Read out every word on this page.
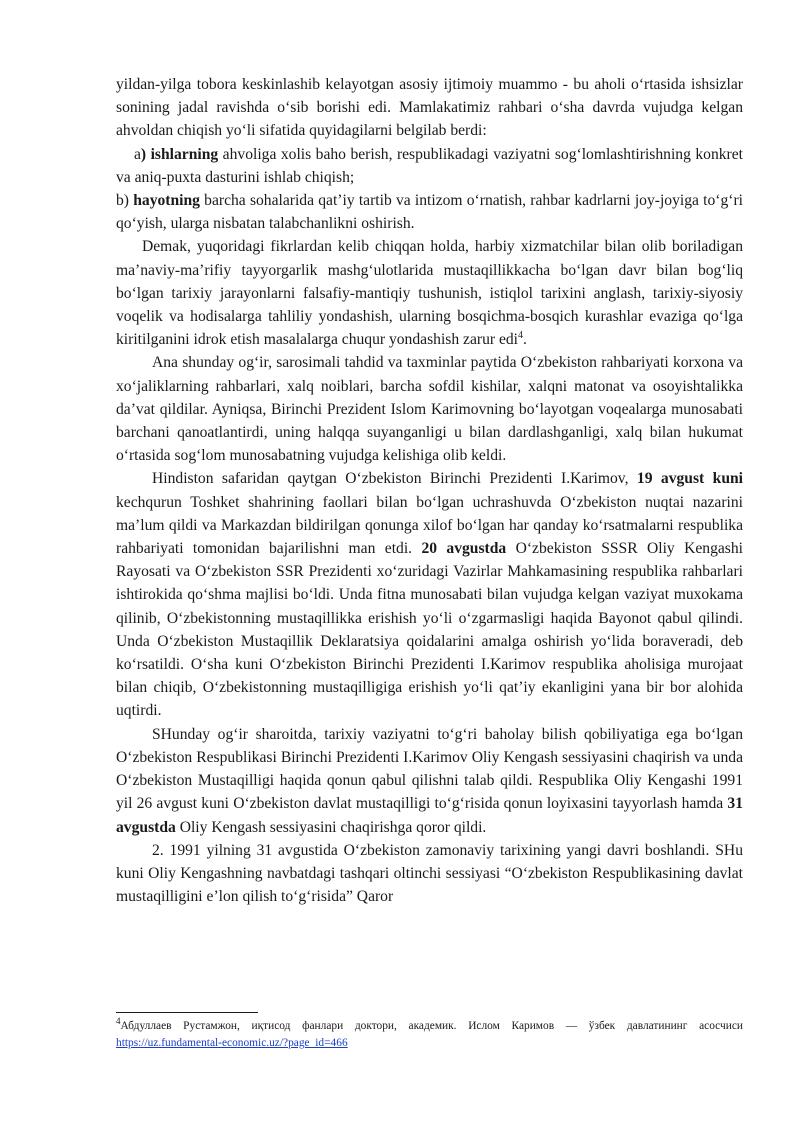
yildan-yilga tobora keskinlashib kelayotgan asosiy ijtimoiy muammo - bu aholi o‘rtasida ishsizlar sonining jadal ravishda o‘sib borishi edi. Mamlakatimiz rahbari o‘sha davrda vujudga kelgan ahvoldan chiqish yo‘li sifatida quyidagilarni belgilab berdi:

a) ishlarning ahvoliga xolis baho berish, respublikadagi vaziyatni sog‘lomlashtirishning konkret va aniq-puxta dasturini ishlab chiqish;

b) hayotning barcha sohalarida qat’iy tartib va intizom o‘rnatish, rahbar kadrlarni joy-joyiga to‘g‘ri qo‘yish, ularga nisbatan talabchanlikni oshirish.

Demak, yuqoridagi fikrlardan kelib chiqqan holda, harbiy xizmatchilar bilan olib boriladigan ma’naviy-ma’rifiy tayyorgarlik mashg‘ulotlarida mustaqillikkacha bo‘lgan davr bilan bog‘liq bo‘lgan tarixiy jarayonlarni falsafiy-mantiqiy tushunish, istiqlol tarixini anglash, tarixiy-siyosiy voqelik va hodisalarga tahliliy yondashish, ularning bosqichma-bosqich kurashlar evaziga qo‘lga kiritilganini idrok etish masalalarga chuqur yondashish zarur edi$^4$.

Ana shunday og‘ir, sarosimali tahdid va taxminlar paytida O‘zbekiston rahbariyati korxona va xo‘jaliklarning rahbarlari, xalq noiblari, barcha sofdil kishilar, xalqni matonat va osoyishtalikka da’vat qildilar. Ayniqsa, Birinchi Prezident Islom Karimovning bo‘layotgan voqealarga munosabati barchani qanoatlantirdi, uning halqqa suyanganligi u bilan dardlashganligi, xalq bilan hukumat o‘rtasida sog‘lom munosabatning vujudga kelishiga olib keldi.

Hindiston safaridan qaytgan O‘zbekiston Birinchi Prezidenti I.Karimov, 19 avgust kuni kechqurun Toshket shahrining faollari bilan bo‘lgan uchrashuvda O‘zbekiston nuqtai nazarini ma’lum qildi va Markazdan bildirilgan qonunga xilof bo‘lgan har qanday ko‘rsatmalarni respublika rahbariyati tomonidan bajarilishni man etdi. 20 avgustda O‘zbekiston SSSR Oliy Kengashi Rayosati va O‘zbekiston SSR Prezidenti xo‘zuridagi Vazirlar Mahkamasining respublika rahbarlari ishtirokida qo‘shma majlisi bo‘ldi. Unda fitna munosabati bilan vujudga kelgan vaziyat muxokama qilinib, O‘zbekistonning mustaqillikka erishish yo‘li o‘zgarmasligi haqida Bayonot qabul qilindi. Unda O‘zbekiston Mustaqillik Deklaratsiya qoidalarini amalga oshirish yo‘lida boraveradi, deb ko‘rsatildi. O‘sha kuni O‘zbekiston Birinchi Prezidenti I.Karimov respublika aholisiga murojaat bilan chiqib, O‘zbekistonning mustaqilligiga erishish yo‘li qat’iy ekanligini yana bir bor alohida uqtirdi.

SHunday og‘ir sharoitda, tarixiy vaziyatni to‘g‘ri baholay bilish qobiliyatiga ega bo‘lgan O‘zbekiston Respublikasi Birinchi Prezidenti I.Karimov Oliy Kengash sessiyasini chaqirish va unda O‘zbekiston Mustaqilligi haqida qonun qabul qilishni talab qildi. Respublika Oliy Kengashi 1991 yil 26 avgust kuni O‘zbekiston davlat mustaqilligi to‘g‘risida qonun loyixasini tayyorlash hamda 31 avgustda Oliy Kengash sessiyasini chaqirishga qoror qildi.

2. 1991 yilning 31 avgustida O‘zbekiston zamonaviy tarixining yangi davri boshlandi. SHu kuni Oliy Kengashning navbatdagi tashqari oltinchi sessiyasi “O‘zbekiston Respublikasining davlat mustaqilligini e’lon qilish to‘g‘risida” Qaror

$^4$Абдуллаев Рустамжон, иқтисод фанлари доктори, академик. Ислом Каримов — ўзбек давлатининг асосчиси https://uz.fundamental-economic.uz/?page_id=466
